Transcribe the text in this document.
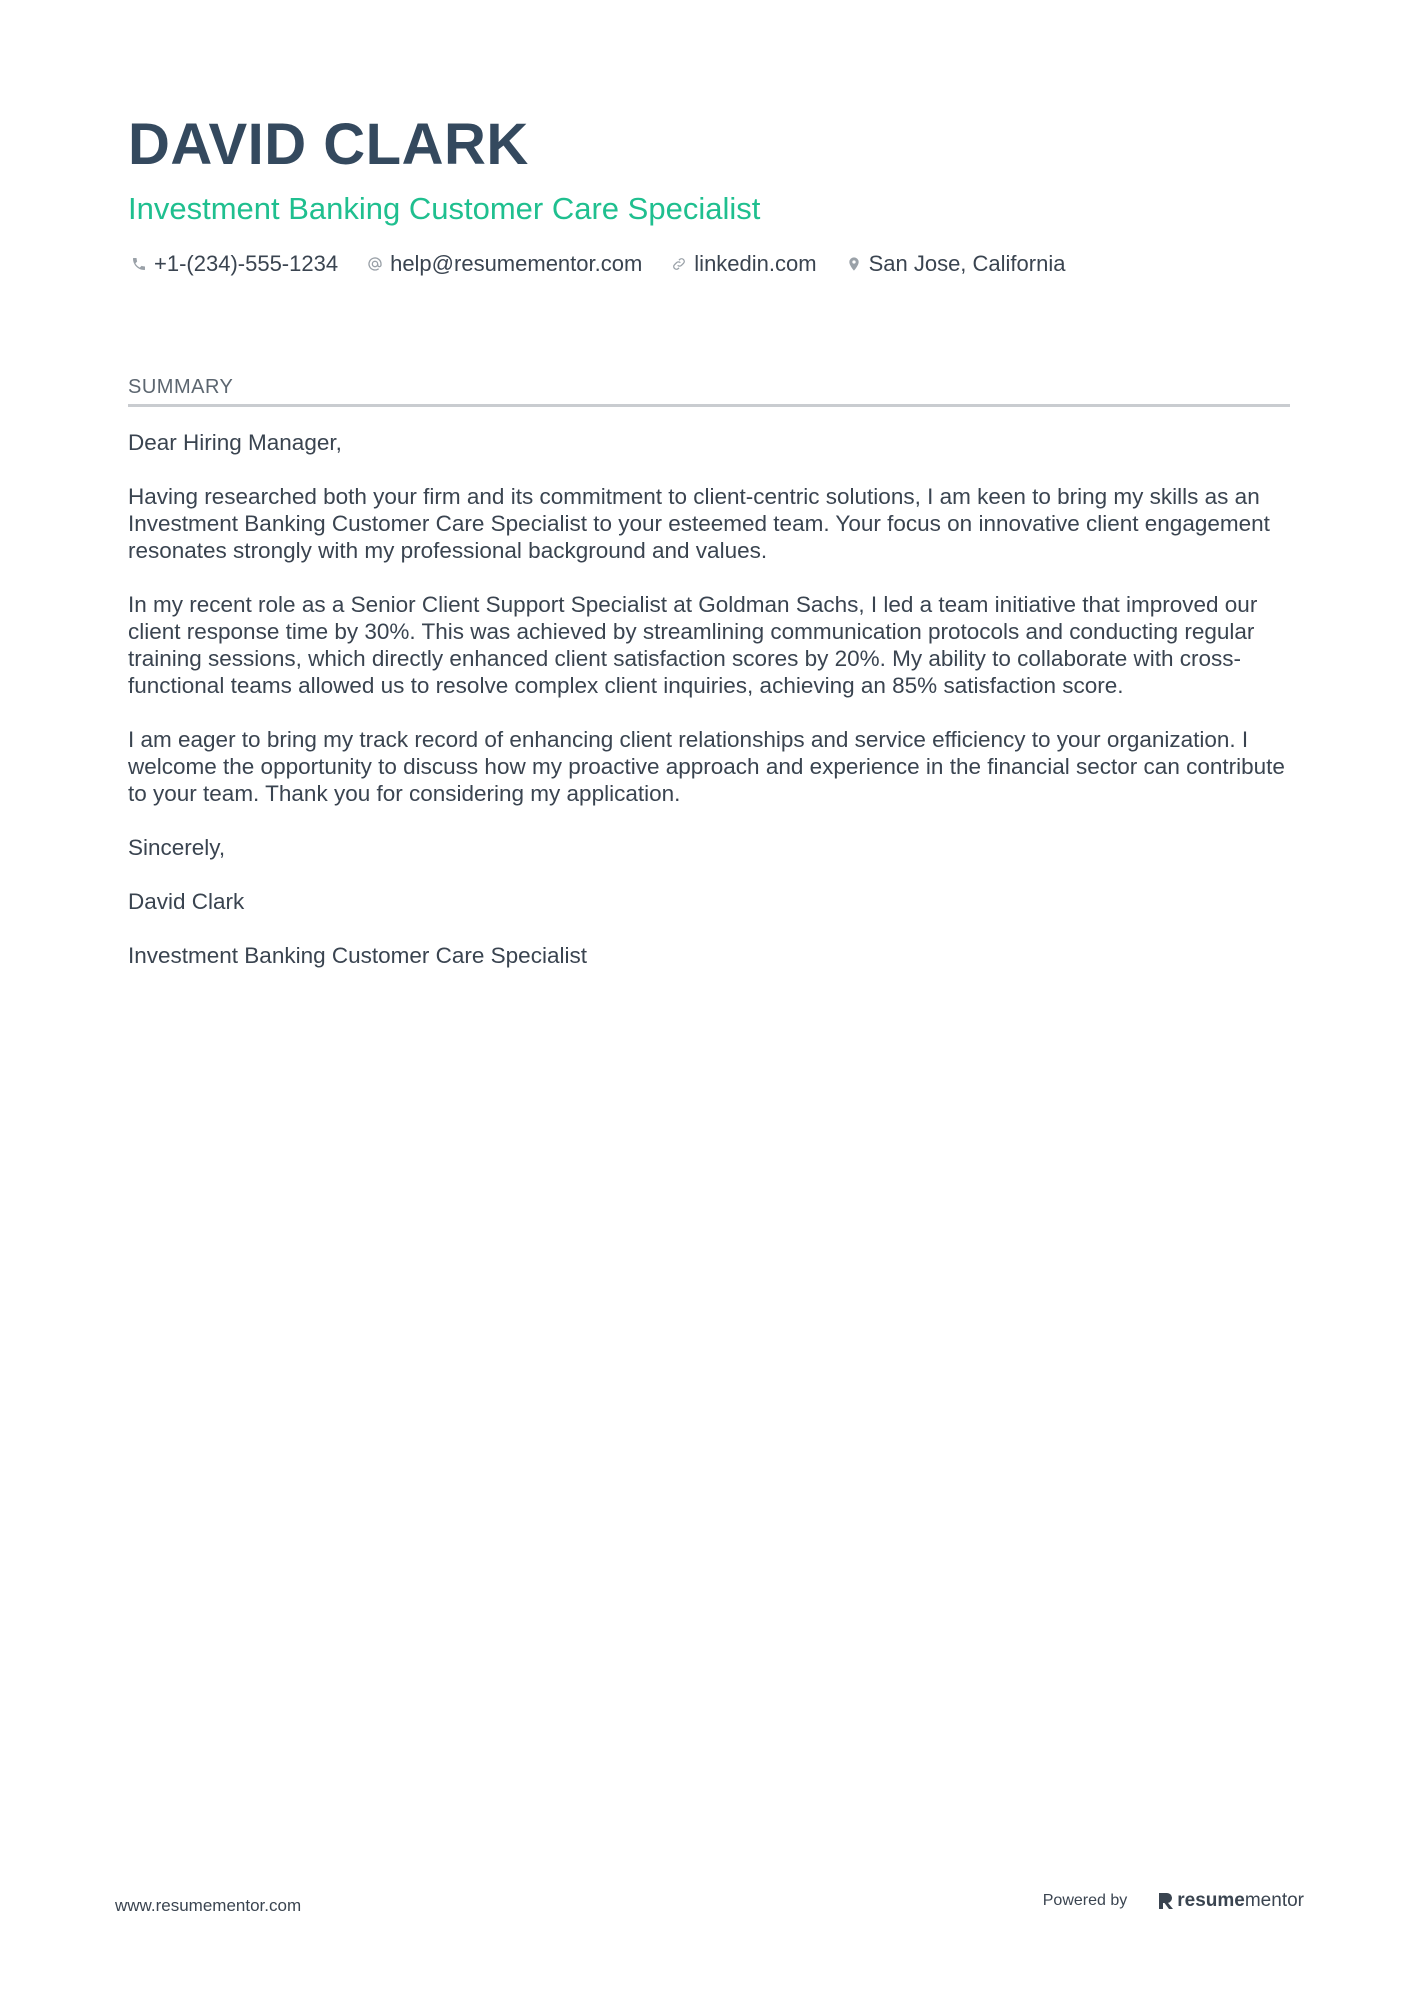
DAVID CLARK
Investment Banking Customer Care Specialist
+1-(234)-555-1234 help@resumementor.com linkedin.com San Jose, California
SUMMARY

Dear Hiring Manager,

Having researched both your firm and its commitment to client-centric solutions, I am keen to bring my skills as an Investment Banking Customer Care Specialist to your esteemed team. Your focus on innovative client engagement resonates strongly with my professional background and values.

In my recent role as a Senior Client Support Specialist at Goldman Sachs, I led a team initiative that improved our client response time by 30%. This was achieved by streamlining communication protocols and conducting regular training sessions, which directly enhanced client satisfaction scores by 20%. My ability to collaborate with cross-functional teams allowed us to resolve complex client inquiries, achieving an 85% satisfaction score.

I am eager to bring my track record of enhancing client relationships and service efficiency to your organization. I welcome the opportunity to discuss how my proactive approach and experience in the financial sector can contribute to your team. Thank you for considering my application.

Sincerely,

David Clark

Investment Banking Customer Care Specialist

www.resumementor.com	Powered by	resume mentor
